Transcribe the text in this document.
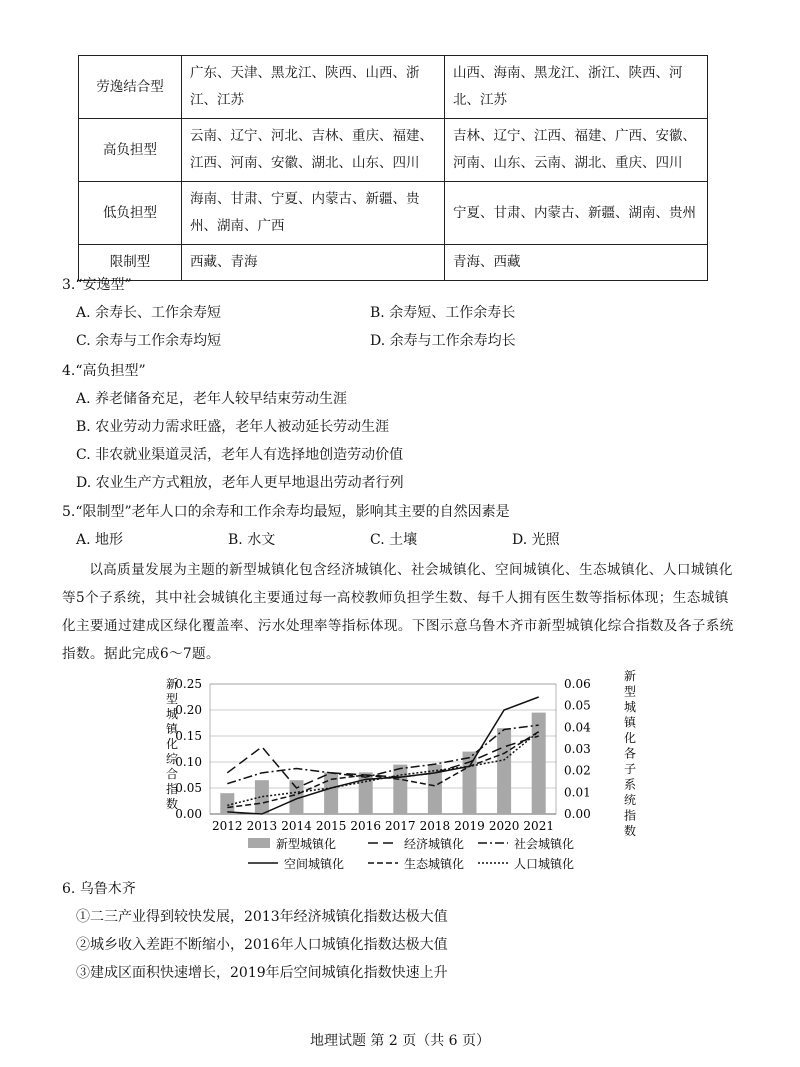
劳逸结合型	广东、天津、黑龙江、陕西、山西、浙江、江苏	山西、海南、黑龙江、浙江、陕西、河北、江苏
高负担型	云南、辽宁、河北、吉林、重庆、福建、江西、河南、安徽、湖北、山东、四川	吉林、辽宁、江西、福建、广西、安徽、河南、山东、云南、湖北、重庆、四川
低负担型	海南、甘肃、宁夏、内蒙古、新疆、贵州、湖南、广西	宁夏、甘肃、内蒙古、新疆、湖南、贵州
限制型	西藏、青海	青海、西藏
3.“安逸型”
A. 余寿长、工作余寿短	B. 余寿短、工作余寿长
C. 余寿与工作余寿均短	D. 余寿与工作余寿均长
4.“高负担型”
A. 养老储备充足，老年人较早结束劳动生涯
B. 农业劳动力需求旺盛，老年人被动延长劳动生涯
C. 非农就业渠道灵活，老年人有选择地创造劳动价值
D. 农业生产方式粗放，老年人更早地退出劳动者行列
5.“限制型”老年人口的余寿和工作余寿均最短，影响其主要的自然因素是
A. 地形	B. 水文	C. 土壤	D. 光照

以高质量发展为主题的新型城镇化包含经济城镇化、社会城镇化、空间城镇化、生态城镇化、人口城镇化等5个子系统，其中社会城镇化主要通过每一高校教师负担学生数、每千人拥有医生数等指标体现；生态城镇化主要通过建成区绿化覆盖率、污水处理率等指标体现。下图示意乌鲁木齐市新型城镇化综合指数及各子系统指数。据此完成6～7题。

新
型
城
镇
化
综
合
指
数
新
型
城
镇
化
各
子
系
统
指
数
0.00
0.05
0.10
0.15
0.20
0.25
0.00
0.01
0.02
0.03
0.04
0.05
0.06
2012 2013 2014 2015 2016 2017 2018 2019 2020 2021
新型城镇化	经济城镇化	社会城镇化
空间城镇化	生态城镇化	人口城镇化
6. 乌鲁木齐
①二三产业得到较快发展，2013年经济城镇化指数达极大值
②城乡收入差距不断缩小，2016年人口城镇化指数达极大值
③建成区面积快速增长，2019年后空间城镇化指数快速上升
地理试题 第 2 页（共 6 页）
